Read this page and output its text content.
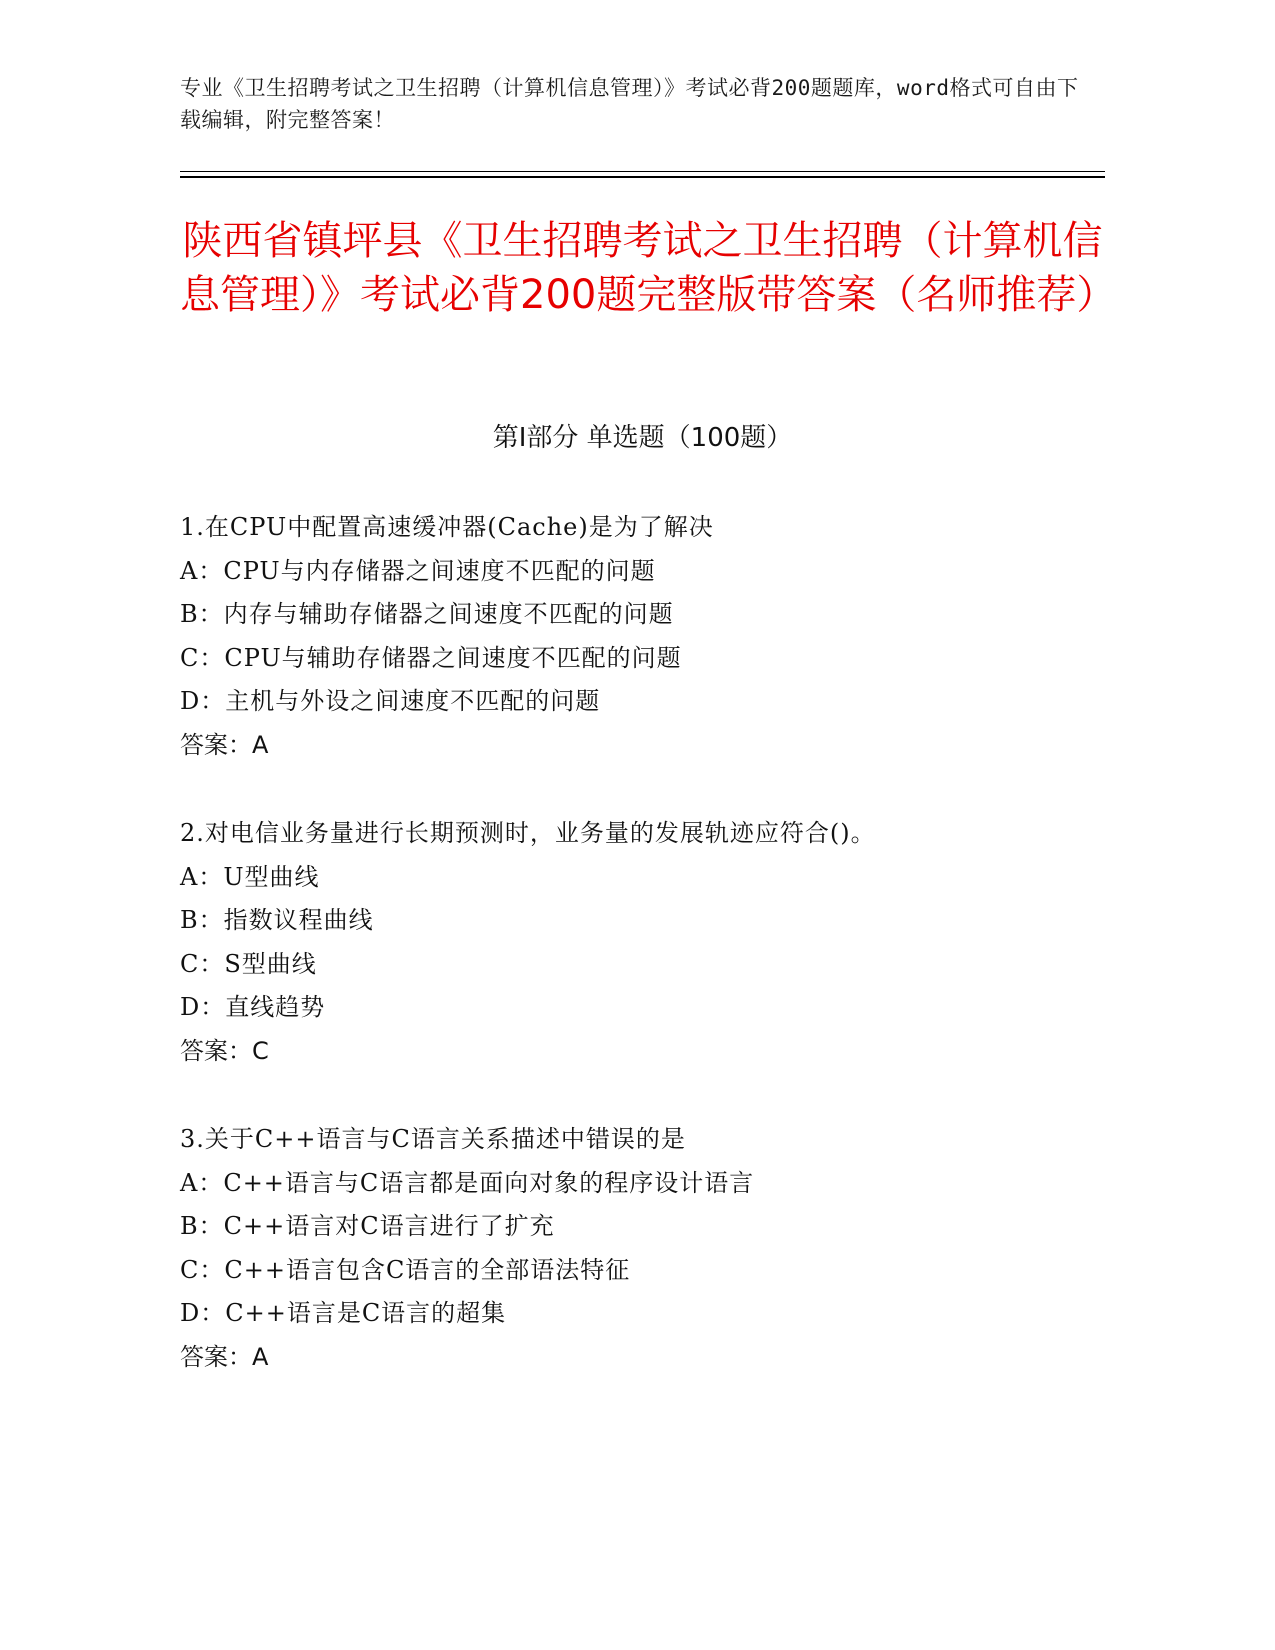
专业《卫生招聘考试之卫生招聘（计算机信息管理）》考试必背200题题库，word格式可自由下载编辑，附完整答案！
陕西省镇坪县《卫生招聘考试之卫生招聘（计算机信息管理）》考试必背200题完整版带答案（名师推荐）
第Ⅰ部分 单选题（100题）
1.在CPU中配置高速缓冲器(Cache)是为了解决
A：CPU与内存储器之间速度不匹配的问题
B：内存与辅助存储器之间速度不匹配的问题
C：CPU与辅助存储器之间速度不匹配的问题
D：主机与外设之间速度不匹配的问题
答案：A
2.对电信业务量进行长期预测时，业务量的发展轨迹应符合()。
A：U型曲线
B：指数议程曲线
C：S型曲线
D：直线趋势
答案：C
3.关于C++语言与C语言关系描述中错误的是
A：C++语言与C语言都是面向对象的程序设计语言
B：C++语言对C语言进行了扩充
C：C++语言包含C语言的全部语法特征
D：C++语言是C语言的超集
答案：A
